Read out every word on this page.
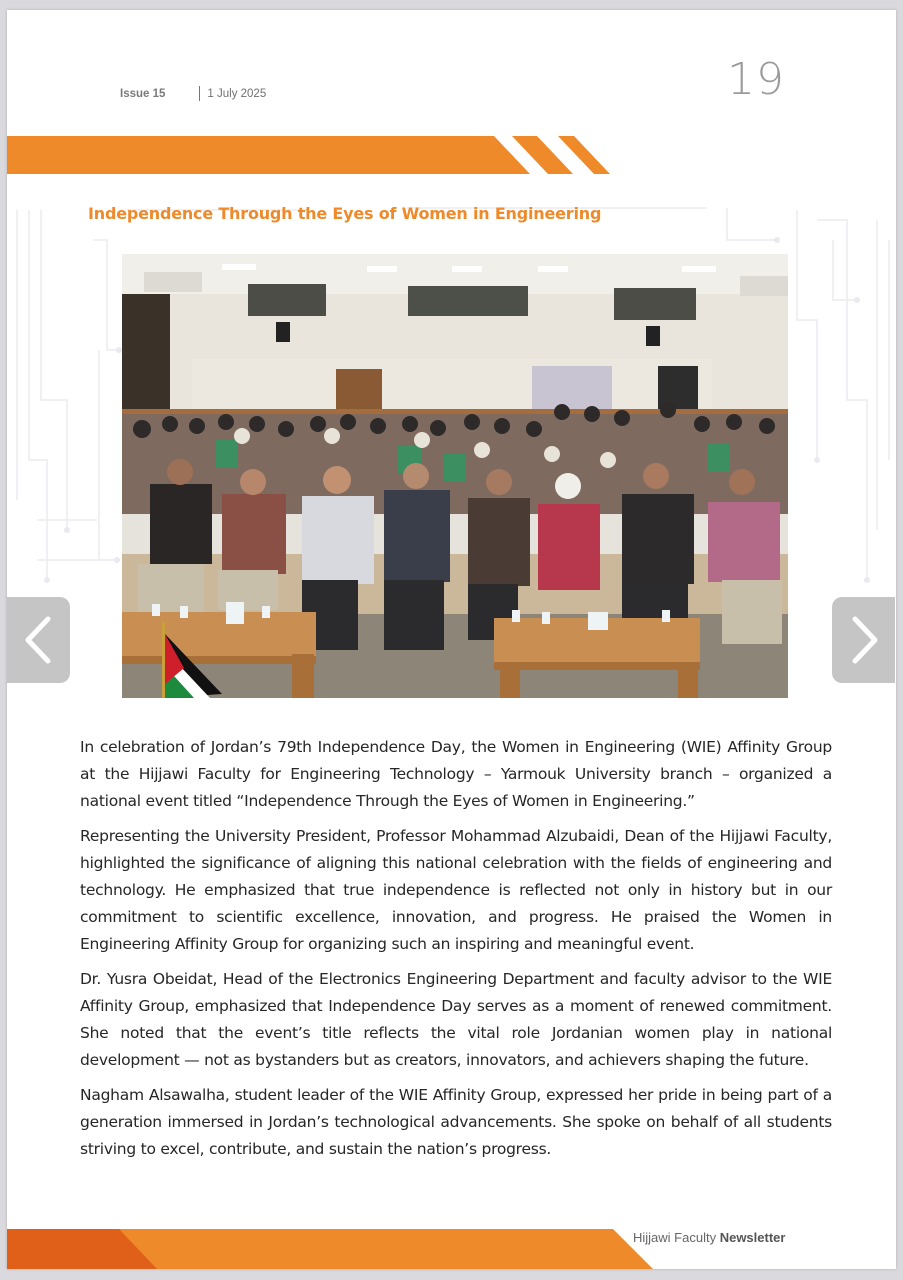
Issue 15	1 July 2025	19
Independence Through the Eyes of Women in Engineering

In celebration of Jordan’s 79th Independence Day, the Women in Engineering (WIE) Affinity Group at the Hijjawi Faculty for Engineering Technology – Yarmouk University branch – organized a national event titled “Independence Through the Eyes of Women in Engineering.”

Representing the University President, Professor Mohammad Alzubaidi, Dean of the Hijjawi Faculty, highlighted the significance of aligning this national celebration with the fields of engineering and technology. He emphasized that true independence is reflected not only in history but in our commitment to scientific excellence, innovation, and progress. He praised the Women in Engineering Affinity Group for organizing such an inspiring and meaningful event.

Dr. Yusra Obeidat, Head of the Electronics Engineering Department and faculty advisor to the WIE Affinity Group, emphasized that Independence Day serves as a moment of renewed commitment. She noted that the event’s title reflects the vital role Jordanian women play in national development — not as bystanders but as creators, innovators, and achievers shaping the future.

Nagham Alsawalha, student leader of the WIE Affinity Group, expressed her pride in being part of a generation immersed in Jordan’s technological advancements. She spoke on behalf of all students striving to excel, contribute, and sustain the nation’s progress.

Hijjawi Faculty Newsletter
